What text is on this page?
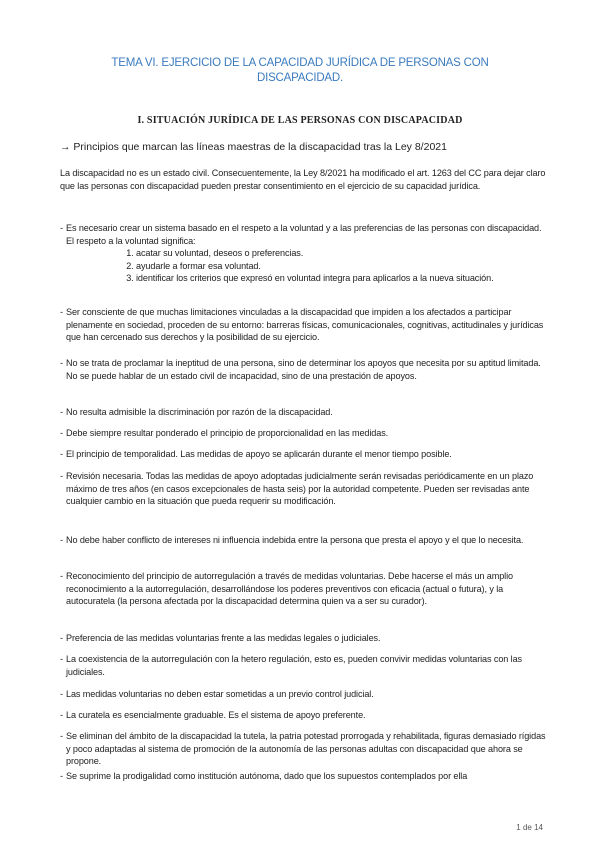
TEMA VI. EJERCICIO DE LA CAPACIDAD JURÍDICA DE PERSONAS CON DISCAPACIDAD.
I. SITUACIÓN JURÍDICA DE LAS PERSONAS CON DISCAPACIDAD
→ Principios que marcan las líneas maestras de la discapacidad tras la Ley 8/2021
La discapacidad no es un estado civil. Consecuentemente, la Ley 8/2021 ha modificado el art. 1263 del CC para dejar claro que las personas con discapacidad pueden prestar consentimiento en el ejercicio de su capacidad jurídica.
- Es necesario crear un sistema basado en el respeto a la voluntad y a las preferencias de las personas con discapacidad. El respeto a la voluntad significa:
1. acatar su voluntad, deseos o preferencias.
2. ayudarle a formar esa voluntad.
3. identificar los criterios que expresó en voluntad integra para aplicarlos a la nueva situación.
- Ser consciente de que muchas limitaciones vinculadas a la discapacidad que impiden a los afectados a participar plenamente en sociedad, proceden de su entorno: barreras físicas, comunicacionales, cognitivas, actitudinales y jurídicas que han cercenado sus derechos y la posibilidad de su ejercicio.
- No se trata de proclamar la ineptitud de una persona, sino de determinar los apoyos que necesita por su aptitud limitada. No se puede hablar de un estado civil de incapacidad, sino de una prestación de apoyos.
- No resulta admisible la discriminación por razón de la discapacidad.
- Debe siempre resultar ponderado el principio de proporcionalidad en las medidas.
- El principio de temporalidad. Las medidas de apoyo se aplicarán durante el menor tiempo posible.
- Revisión necesaria. Todas las medidas de apoyo adoptadas judicialmente serán revisadas periódicamente en un plazo máximo de tres años (en casos excepcionales de hasta seis) por la autoridad competente. Pueden ser revisadas ante cualquier cambio en la situación que pueda requerir su modificación.
- No debe haber conflicto de intereses ni influencia indebida entre la persona que presta el apoyo y el que lo necesita.
- Reconocimiento del principio de autorregulación a través de medidas voluntarias. Debe hacerse el más un amplio reconocimiento a la autorregulación, desarrollándose los poderes preventivos con eficacia (actual o futura), y la autocuratela (la persona afectada por la discapacidad determina quien va a ser su curador).
- Preferencia de las medidas voluntarias frente a las medidas legales o judiciales.
- La coexistencia de la autorregulación con la hetero regulación, esto es, pueden convivir medidas voluntarias con las judiciales.
- Las medidas voluntarias no deben estar sometidas a un previo control judicial.
- La curatela es esencialmente graduable. Es el sistema de apoyo preferente.
- Se eliminan del ámbito de la discapacidad la tutela, la patria potestad prorrogada y rehabilitada, figuras demasiado rígidas y poco adaptadas al sistema de promoción de la autonomía de las personas adultas con discapacidad que ahora se propone.
- Se suprime la prodigalidad como institución autónoma, dado que los supuestos contemplados por ella
1 de 14
